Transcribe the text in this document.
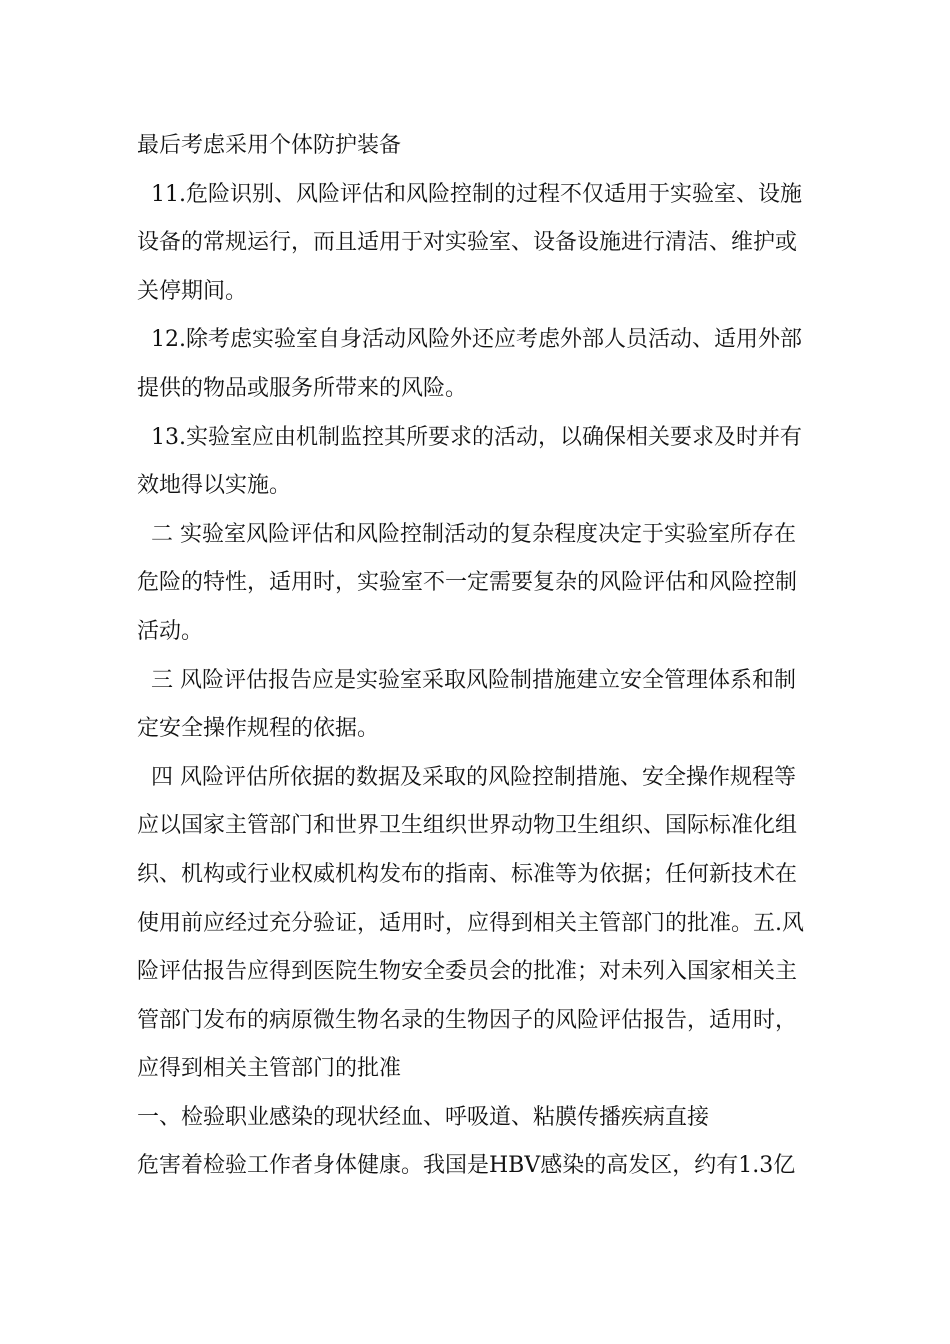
最后考虑采用个体防护装备
11.危险识别、风险评估和风险控制的过程不仅适用于实验室、设施
设备的常规运行，而且适用于对实验室、设备设施进行清洁、维护或
关停期间。
12.除考虑实验室自身活动风险外还应考虑外部人员活动、适用外部
提供的物品或服务所带来的风险。
13.实验室应由机制监控其所要求的活动，以确保相关要求及时并有
效地得以实施。
二 实验室风险评估和风险控制活动的复杂程度决定于实验室所存在
危险的特性，适用时，实验室不一定需要复杂的风险评估和风险控制
活动。
三 风险评估报告应是实验室采取风险制措施建立安全管理体系和制
定安全操作规程的依据。
四 风险评估所依据的数据及采取的风险控制措施、安全操作规程等
应以国家主管部门和世界卫生组织世界动物卫生组织、国际标准化组
织、机构或行业权威机构发布的指南、标准等为依据；任何新技术在
使用前应经过充分验证，适用时，应得到相关主管部门的批准。五.风
险评估报告应得到医院生物安全委员会的批准；对未列入国家相关主
管部门发布的病原微生物名录的生物因子的风险评估报告，适用时，
应得到相关主管部门的批准
一、检验职业感染的现状经血、呼吸道、粘膜传播疾病直接
危害着检验工作者身体健康。我国是HBV感染的高发区，约有1.3亿
